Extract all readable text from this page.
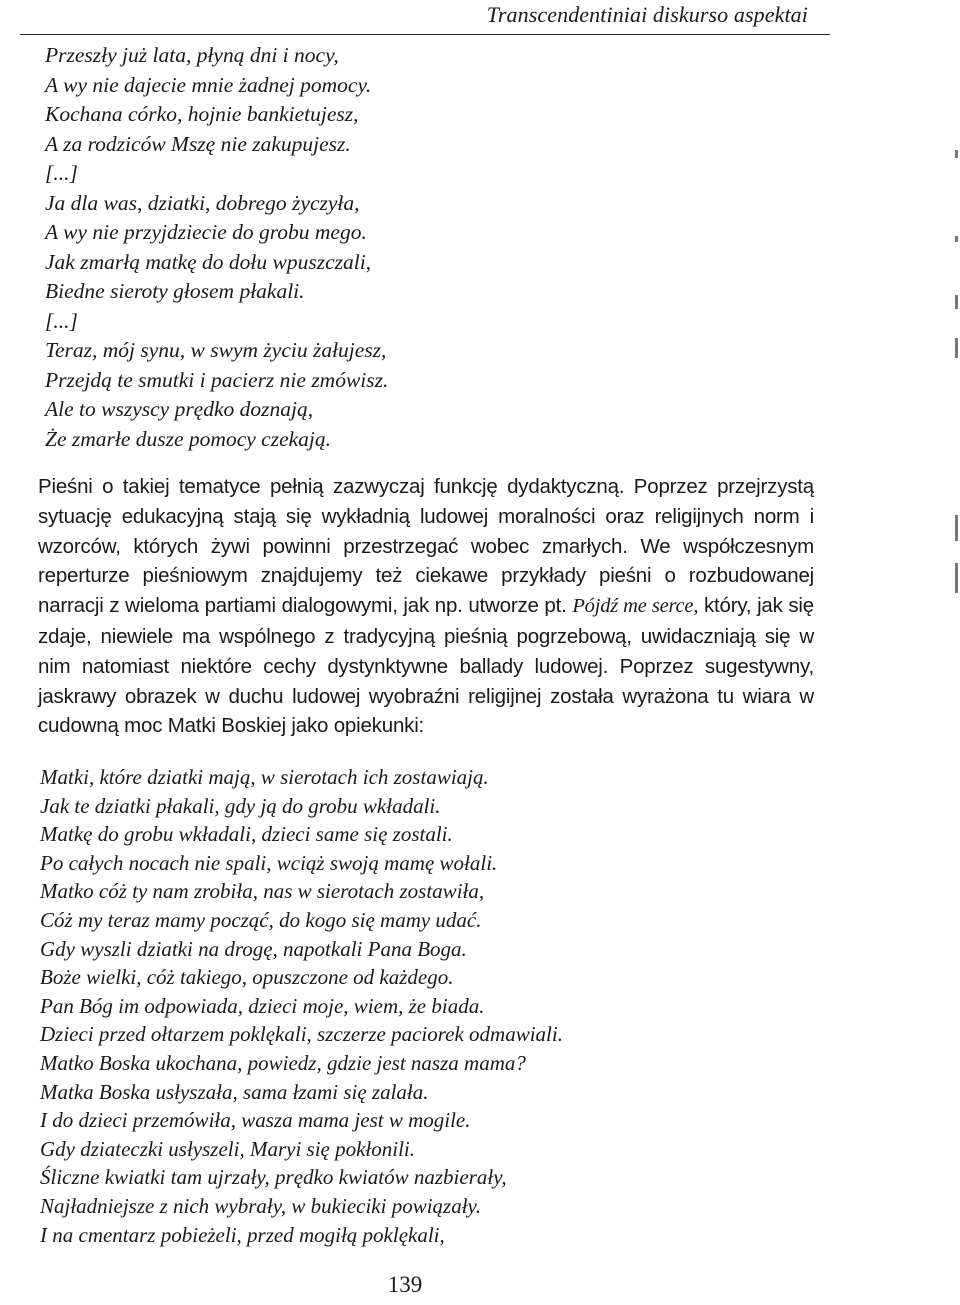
Transcendentiniai diskurso aspektai
Przeszły już lata, płyną dni i nocy,
A wy nie dajecie mnie żadnej pomocy.
Kochana córko, hojnie bankietujesz,
A za rodziców Mszę nie zakupujesz.
[...]
Ja dla was, dziatki, dobrego życzyła,
A wy nie przyjdziecie do grobu mego.
Jak zmarłą matkę do dołu wpuszczali,
Biedne sieroty głosem płakali.
[...]
Teraz, mój synu, w swym życiu żałujesz,
Przejdą te smutki i pacierz nie zmówisz.
Ale to wszyscy prędko doznają,
Że zmarłe dusze pomocy czekają.

Pieśni o takiej tematyce pełnią zazwyczaj funkcję dydaktyczną. Poprzez przejrzystą sytuację edukacyjną stają się wykładnią ludowej moralności oraz religijnych norm i wzorców, których żywi powinni przestrzegać wobec zmarłych. We współczesnym reperturze pieśniowym znajdujemy też ciekawe przykłady pieśni o rozbudowanej narracji z wieloma partiami dialogowymi, jak np. utworze pt. Pójdź me serce, który, jak się zdaje, niewiele ma wspólnego z tradycyjną pieśnią pogrzebową, uwidaczniają się w nim natomiast niektóre cechy dystynktywne ballady ludowej. Poprzez sugestywny, jaskrawy obrazek w duchu ludowej wyobraźni religijnej została wyrażona tu wiara w cudowną moc Matki Boskiej jako opiekunki:

Matki, które dziatki mają, w sierotach ich zostawiają.
Jak te dziatki płakali, gdy ją do grobu wkładali.
Matkę do grobu wkładali, dzieci same się zostali.
Po całych nocach nie spali, wciąż swoją mamę wołali.
Matko cóż ty nam zrobiła, nas w sierotach zostawiła,
Cóż my teraz mamy począć, do kogo się mamy udać.
Gdy wyszli dziatki na drogę, napotkali Pana Boga.
Boże wielki, cóż takiego, opuszczone od każdego.
Pan Bóg im odpowiada, dzieci moje, wiem, że biada.
Dzieci przed ołtarzem poklękali, szczerze paciorek odmawiali.
Matko Boska ukochana, powiedz, gdzie jest nasza mama?
Matka Boska usłyszała, sama łzami się zalała.
I do dzieci przemówiła, wasza mama jest w mogile.
Gdy dziateczki usłyszeli, Maryi się pokłonili.
Śliczne kwiatki tam ujrzały, prędko kwiatów nazbierały,
Najładniejsze z nich wybrały, w bukieciki powiązały.
I na cmentarz pobieżeli, przed mogiłą poklękali,
139
